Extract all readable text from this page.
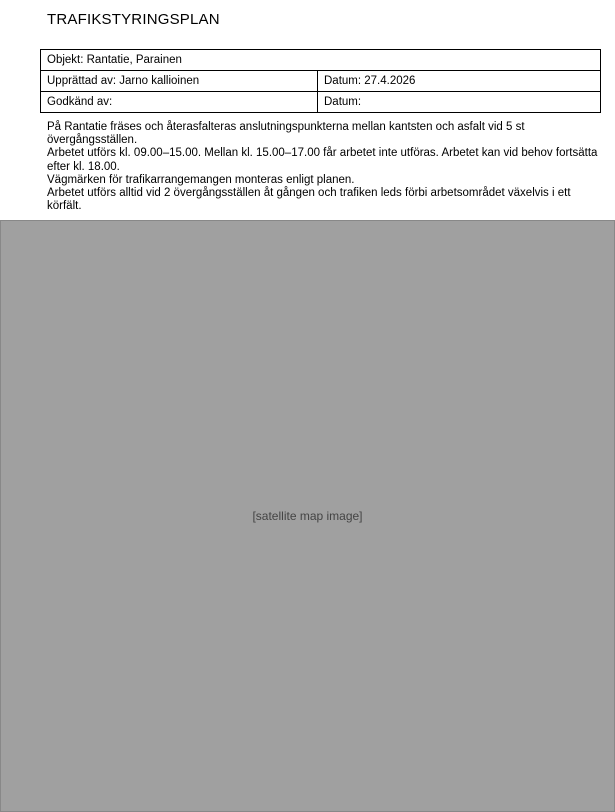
TRAFIKSTYRINGSPLAN
Objekt: Rantatie, Parainen	
Upprättad av: Jarno kallioinen	Datum: 27.4.2026
Godkänd av:	Datum:

På Rantatie fräses och återasfalteras anslutningspunkterna mellan kantsten och asfalt vid 5 st övergångsställen.

Arbetet utförs kl. 09.00–15.00. Mellan kl. 15.00–17.00 får arbetet inte utföras. Arbetet kan vid behov fortsätta efter kl. 18.00.

Vägmärken för trafikarrangemangen monteras enligt planen.

Arbetet utförs alltid vid 2 övergångsställen åt gången och trafiken leds förbi arbetsområdet växelvis i ett körfält.

[satellite map image]
